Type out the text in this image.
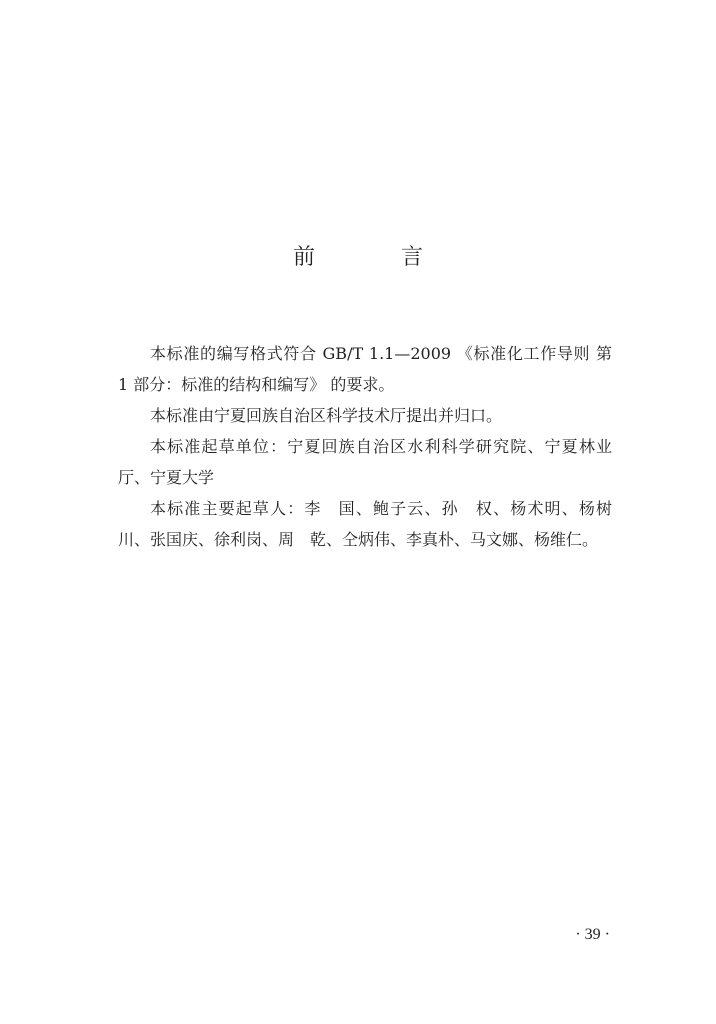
前　言

本标准的编写格式符合 GB/T 1.1—2009 《标准化工作导则 第 1 部分：标准的结构和编写》 的要求。

本标准由宁夏回族自治区科学技术厅提出并归口。

本标准起草单位：宁夏回族自治区水利科学研究院、宁夏林业厅、宁夏大学

本标准主要起草人：李　国、鲍子云、孙　权、杨术明、杨树川、张国庆、徐利岗、周　乾、仝炳伟、李真朴、马文娜、杨维仁。

· 39 ·
